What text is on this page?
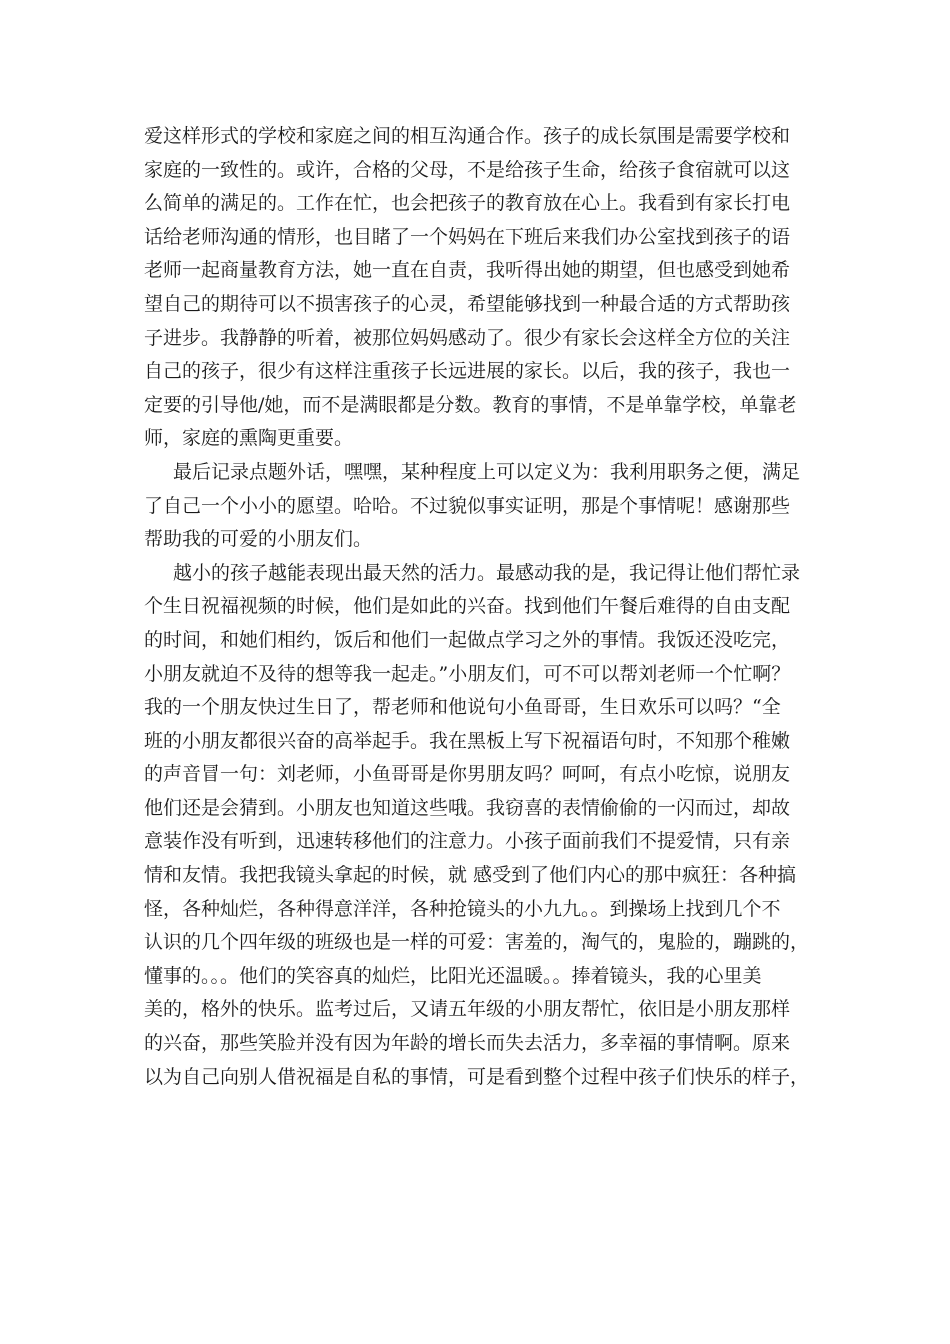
爱这样形式的学校和家庭之间的相互沟通合作。孩子的成长氛围是需要学校和
家庭的一致性的。或许，合格的父母，不是给孩子生命，给孩子食宿就可以这
么简单的满足的。工作在忙，也会把孩子的教育放在心上。我看到有家长打电
话给老师沟通的情形，也目睹了一个妈妈在下班后来我们办公室找到孩子的语
老师一起商量教育方法，她一直在自责，我听得出她的期望，但也感受到她希
望自己的期待可以不损害孩子的心灵，希望能够找到一种最合适的方式帮助孩
子进步。我静静的听着，被那位妈妈感动了。很少有家长会这样全方位的关注
自己的孩子，很少有这样注重孩子长远进展的家长。以后，我的孩子，我也一
定要的引导他/她，而不是满眼都是分数。教育的事情，不是单靠学校，单靠老
师，家庭的熏陶更重要。
最后记录点题外话，嘿嘿，某种程度上可以定义为：我利用职务之便，满足
了自己一个小小的愿望。哈哈。不过貌似事实证明，那是个事情呢！感谢那些
帮助我的可爱的小朋友们。
越小的孩子越能表现出最天然的活力。最感动我的是，我记得让他们帮忙录
个生日祝福视频的时候，他们是如此的兴奋。找到他们午餐后难得的自由支配
的时间，和她们相约，饭后和他们一起做点学习之外的事情。我饭还没吃完，
小朋友就迫不及待的想等我一起走。”小朋友们，可不可以帮刘老师一个忙啊？
我的一个朋友快过生日了，帮老师和他说句小鱼哥哥，生日欢乐可以吗？“全
班的小朋友都很兴奋的高举起手。我在黑板上写下祝福语句时，不知那个稚嫩
的声音冒一句：刘老师，小鱼哥哥是你男朋友吗？呵呵，有点小吃惊，说朋友
他们还是会猜到。小朋友也知道这些哦。我窃喜的表情偷偷的一闪而过，却故
意装作没有听到，迅速转移他们的注意力。小孩子面前我们不提爱情，只有亲
情和友情。我把我镜头拿起的时候，就 感受到了他们内心的那中疯狂：各种搞
怪，各种灿烂，各种得意洋洋，各种抢镜头的小九九。。到操场上找到几个不
认识的几个四年级的班级也是一样的可爱：害羞的，淘气的，鬼脸的，蹦跳的，
懂事的。。。他们的笑容真的灿烂，比阳光还温暖。。捧着镜头，我的心里美
美的，格外的快乐。监考过后，又请五年级的小朋友帮忙，依旧是小朋友那样
的兴奋，那些笑脸并没有因为年龄的增长而失去活力，多幸福的事情啊。原来
以为自己向别人借祝福是自私的事情，可是看到整个过程中孩子们快乐的样子，
